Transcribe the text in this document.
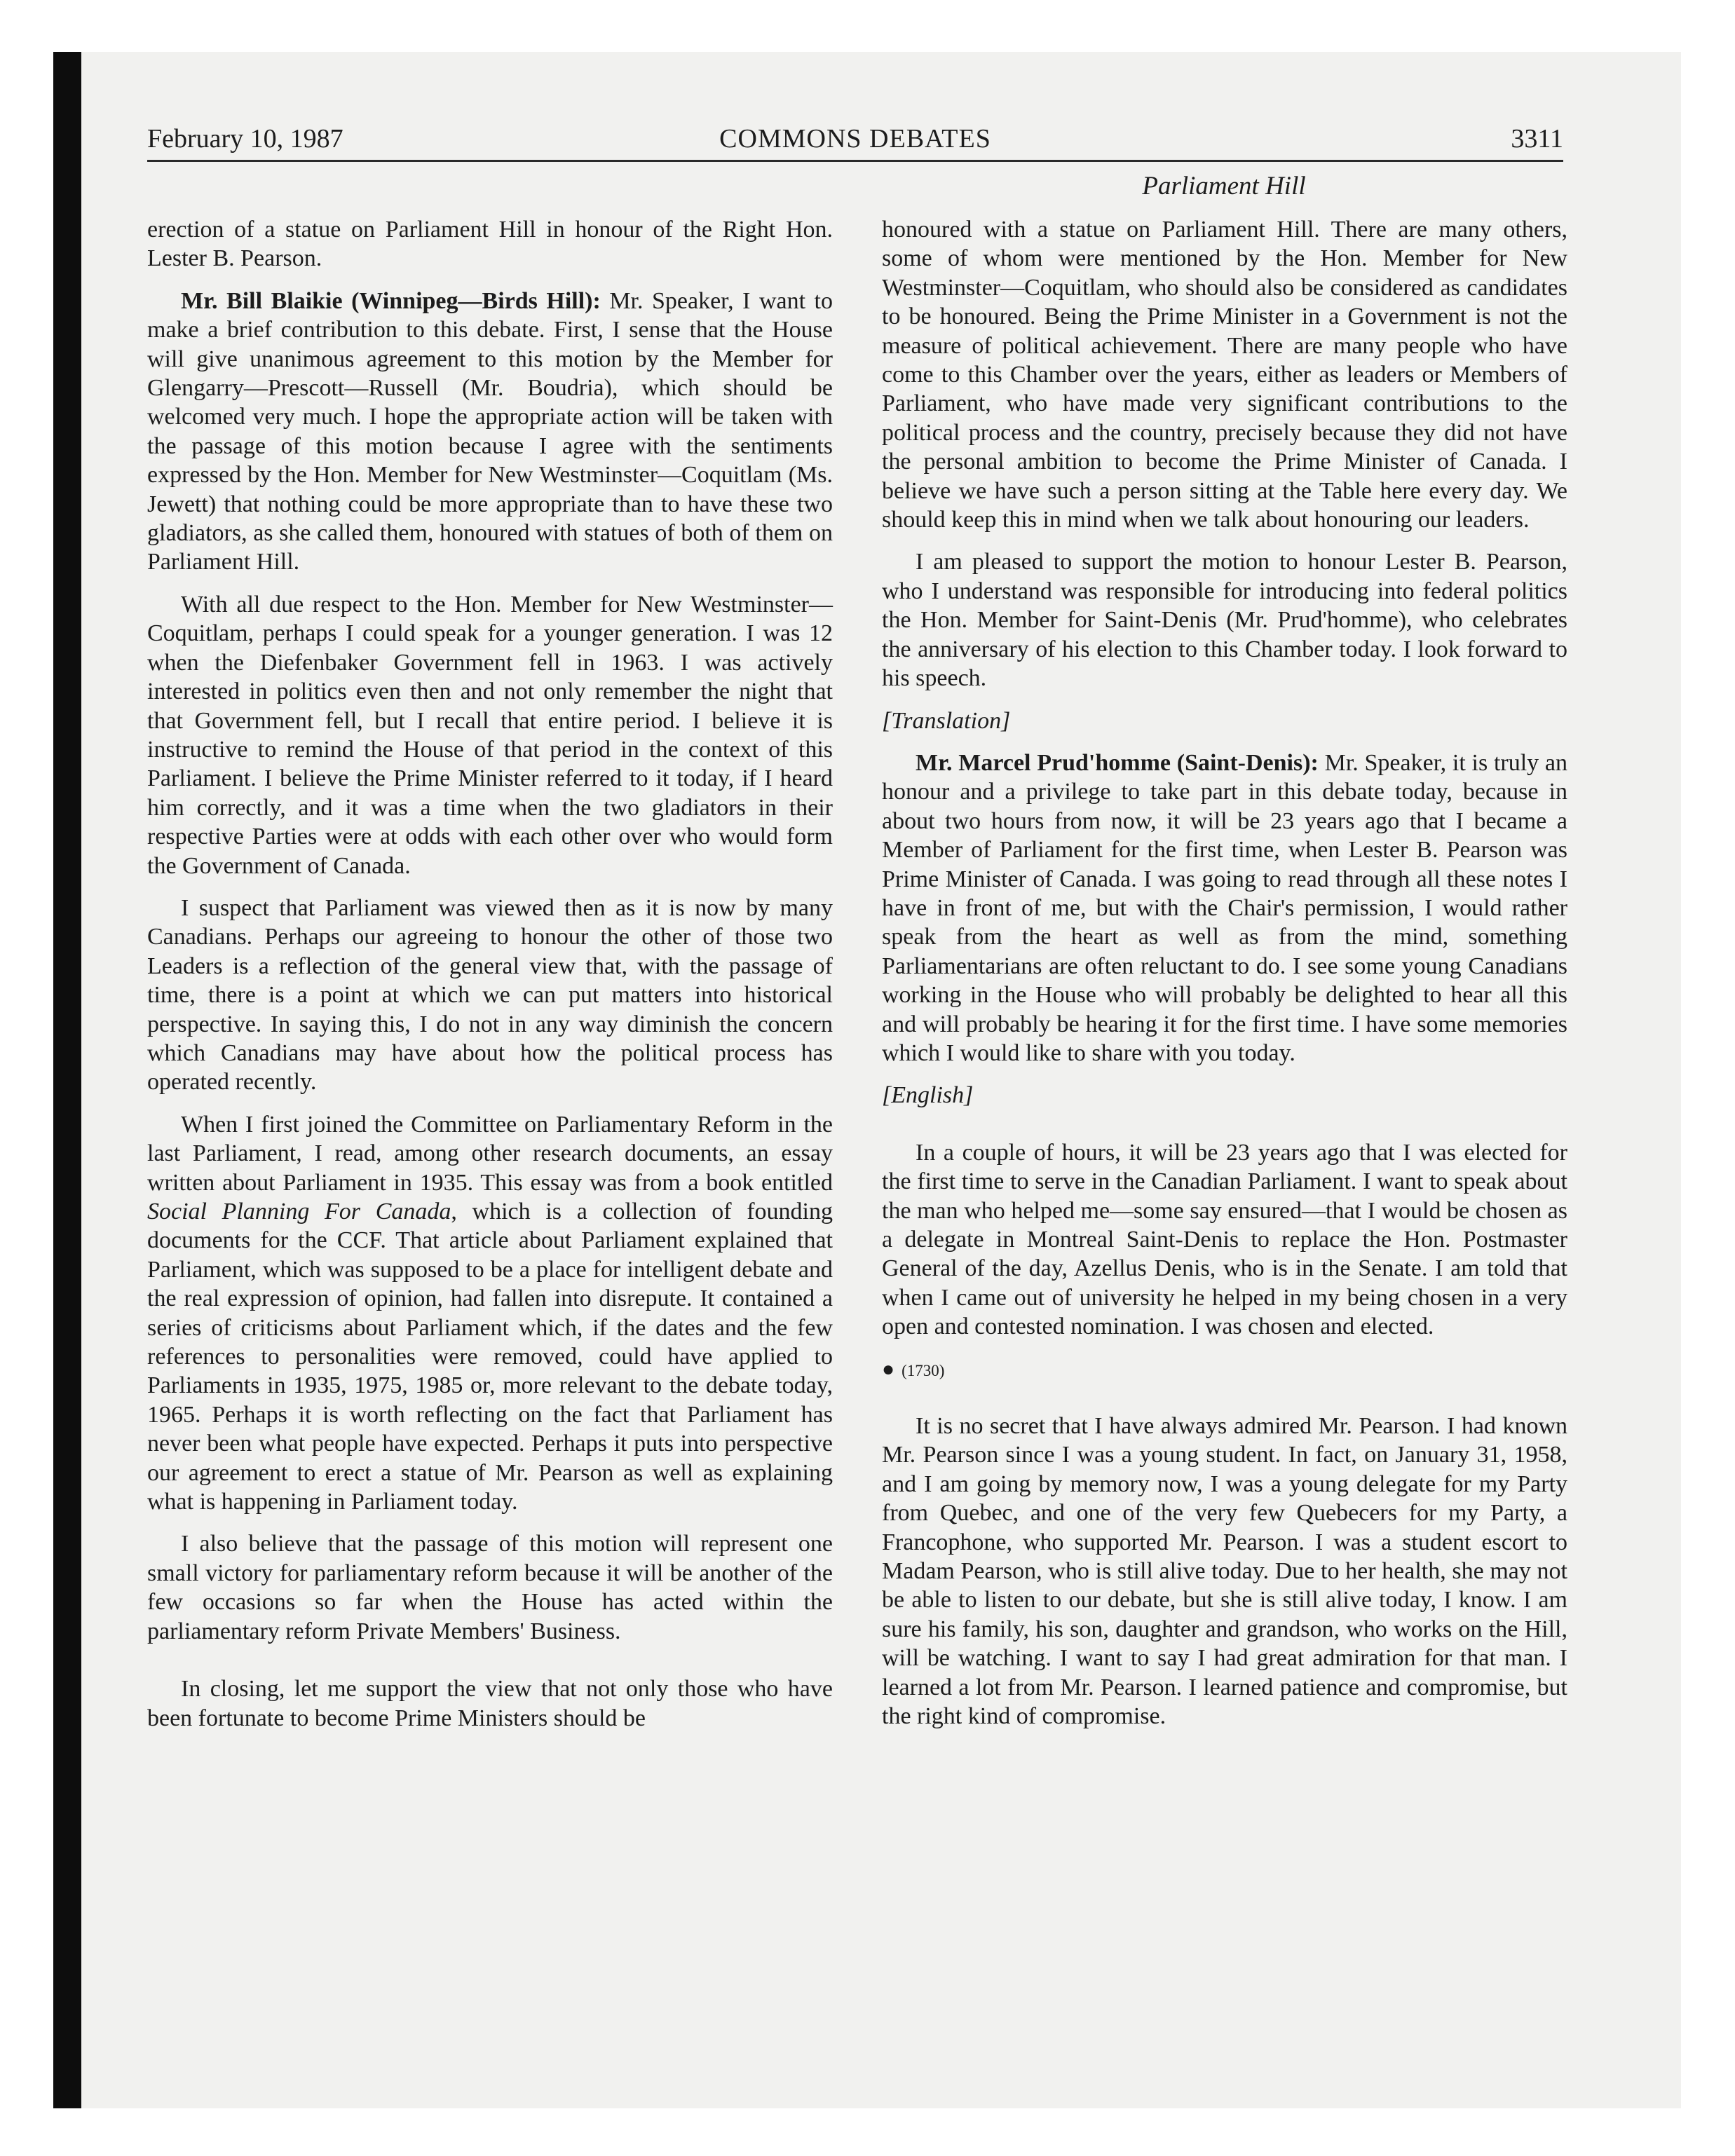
February 10, 1987	COMMONS DEBATES	3311
Parliament Hill

erection of a statue on Parliament Hill in honour of the Right Hon. Lester B. Pearson.

Mr. Bill Blaikie (Winnipeg—Birds Hill): Mr. Speaker, I want to make a brief contribution to this debate. First, I sense that the House will give unanimous agreement to this motion by the Member for Glengarry—Prescott—Russell (Mr. Boudria), which should be welcomed very much. I hope the appropriate action will be taken with the passage of this motion because I agree with the sentiments expressed by the Hon. Member for New Westminster—Coquitlam (Ms. Jewett) that nothing could be more appropriate than to have these two gladiators, as she called them, honoured with statues of both of them on Parliament Hill.

With all due respect to the Hon. Member for New Westminster—Coquitlam, perhaps I could speak for a younger generation. I was 12 when the Diefenbaker Government fell in 1963. I was actively interested in politics even then and not only remember the night that that Government fell, but I recall that entire period. I believe it is instructive to remind the House of that period in the context of this Parliament. I believe the Prime Minister referred to it today, if I heard him correctly, and it was a time when the two gladiators in their respective Parties were at odds with each other over who would form the Government of Canada.

I suspect that Parliament was viewed then as it is now by many Canadians. Perhaps our agreeing to honour the other of those two Leaders is a reflection of the general view that, with the passage of time, there is a point at which we can put matters into historical perspective. In saying this, I do not in any way diminish the concern which Canadians may have about how the political process has operated recently.

When I first joined the Committee on Parliamentary Reform in the last Parliament, I read, among other research documents, an essay written about Parliament in 1935. This essay was from a book entitled Social Planning For Canada, which is a collection of founding documents for the CCF. That article about Parliament explained that Parliament, which was supposed to be a place for intelligent debate and the real expression of opinion, had fallen into disrepute. It contained a series of criticisms about Parliament which, if the dates and the few references to personalities were removed, could have applied to Parliaments in 1935, 1975, 1985 or, more relevant to the debate today, 1965. Perhaps it is worth reflecting on the fact that Parliament has never been what people have expected. Perhaps it puts into perspective our agreement to erect a statue of Mr. Pearson as well as explaining what is happening in Parliament today.

I also believe that the passage of this motion will represent one small victory for parliamentary reform because it will be another of the few occasions so far when the House has acted within the parliamentary reform Private Members' Business.

In closing, let me support the view that not only those who have been fortunate to become Prime Ministers should be

honoured with a statue on Parliament Hill. There are many others, some of whom were mentioned by the Hon. Member for New Westminster—Coquitlam, who should also be considered as candidates to be honoured. Being the Prime Minister in a Government is not the measure of political achievement. There are many people who have come to this Chamber over the years, either as leaders or Members of Parliament, who have made very significant contributions to the political process and the country, precisely because they did not have the personal ambition to become the Prime Minister of Canada. I believe we have such a person sitting at the Table here every day. We should keep this in mind when we talk about honouring our leaders.

I am pleased to support the motion to honour Lester B. Pearson, who I understand was responsible for introducing into federal politics the Hon. Member for Saint-Denis (Mr. Prud'homme), who celebrates the anniversary of his election to this Chamber today. I look forward to his speech.

[Translation]

Mr. Marcel Prud'homme (Saint-Denis): Mr. Speaker, it is truly an honour and a privilege to take part in this debate today, because in about two hours from now, it will be 23 years ago that I became a Member of Parliament for the first time, when Lester B. Pearson was Prime Minister of Canada. I was going to read through all these notes I have in front of me, but with the Chair's permission, I would rather speak from the heart as well as from the mind, something Parliamentarians are often reluctant to do. I see some young Canadians working in the House who will probably be delighted to hear all this and will probably be hearing it for the first time. I have some memories which I would like to share with you today.

[English]

In a couple of hours, it will be 23 years ago that I was elected for the first time to serve in the Canadian Parliament. I want to speak about the man who helped me—some say ensured—that I would be chosen as a delegate in Montreal Saint-Denis to replace the Hon. Postmaster General of the day, Azellus Denis, who is in the Senate. I am told that when I came out of university he helped in my being chosen in a very open and contested nomination. I was chosen and elected.

● (1730)

It is no secret that I have always admired Mr. Pearson. I had known Mr. Pearson since I was a young student. In fact, on January 31, 1958, and I am going by memory now, I was a young delegate for my Party from Quebec, and one of the very few Quebecers for my Party, a Francophone, who supported Mr. Pearson. I was a student escort to Madam Pearson, who is still alive today. Due to her health, she may not be able to listen to our debate, but she is still alive today, I know. I am sure his family, his son, daughter and grandson, who works on the Hill, will be watching. I want to say I had great admiration for that man. I learned a lot from Mr. Pearson. I learned patience and compromise, but the right kind of compromise.
